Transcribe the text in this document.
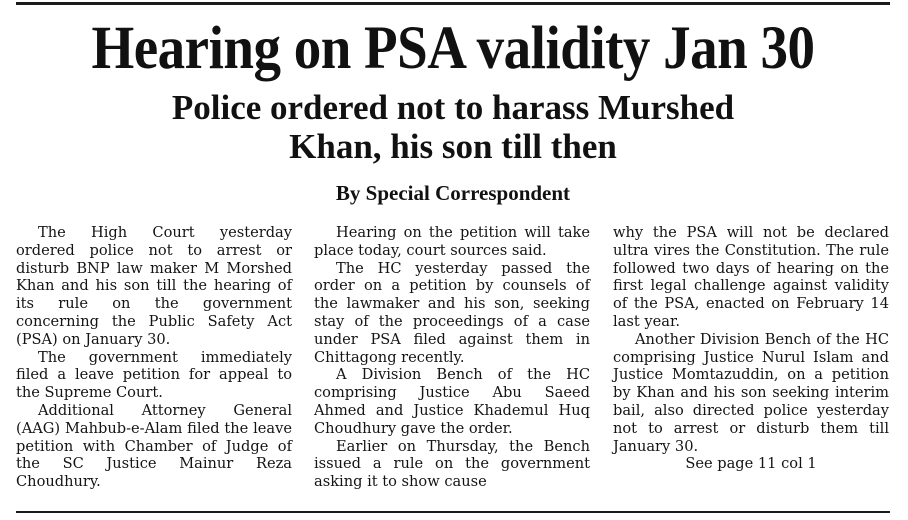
Hearing on PSA validity Jan 30
Police ordered not to harass Murshed
Khan, his son till then
By Special Correspondent

The High Court yesterday ordered police not to arrest or disturb BNP law maker M Morshed Khan and his son till the hearing of its rule on the government concerning the Public Safety Act (PSA) on January 30.

The government immediately filed a leave petition for appeal to the Supreme Court.

Additional Attorney General (AAG) Mahbub-e-Alam filed the leave petition with Chamber of Judge of the SC Justice Mainur Reza Choudhury.

Hearing on the petition will take place today, court sources said.

The HC yesterday passed the order on a petition by counsels of the lawmaker and his son, seeking stay of the proceedings of a case under PSA filed against them in Chittagong recently.

A Division Bench of the HC comprising Justice Abu Saeed Ahmed and Justice Khademul Huq Choudhury gave the order.

Earlier on Thursday, the Bench issued a rule on the government asking it to show cause

why the PSA will not be declared ultra vires the Constitution. The rule followed two days of hearing on the first legal challenge against validity of the PSA, enacted on February 14 last year.

Another Division Bench of the HC comprising Justice Nurul Islam and Justice Momtazuddin, on a petition by Khan and his son seeking interim bail, also directed police yesterday not to arrest or disturb them till January 30.

See page 11 col 1
